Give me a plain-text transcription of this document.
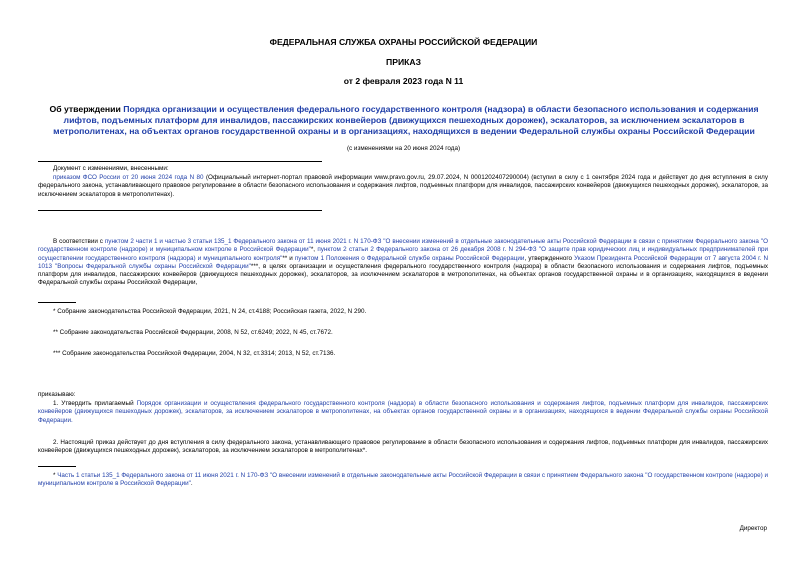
ФЕДЕРАЛЬНАЯ СЛУЖБА ОХРАНЫ РОССИЙСКОЙ ФЕДЕРАЦИИ
ПРИКАЗ
от 2 февраля 2023 года N 11
Об утверждении Порядка организации и осуществления федерального государственного контроля (надзора) в области безопасного использования и содержания лифтов, подъемных платформ для инвалидов, пассажирских конвейеров (движущихся пешеходных дорожек), эскалаторов, за исключением эскалаторов в метрополитенах, на объектах органов государственной охраны и в организациях, находящихся в ведении Федеральной службы охраны Российской Федерации
(с изменениями на 20 июня 2024 года)
Документ с изменениями, внесенными:
приказом ФСО России от 20 июня 2024 года N 80 (Официальный интернет-портал правовой информации www.pravo.gov.ru, 29.07.2024, N 0001202407290004) (вступил в силу с 1 сентября 2024 года и действует до дня вступления в силу федерального закона, устанавливающего правовое регулирование в области безопасного использования и содержания лифтов, подъемных платформ для инвалидов, пассажирских конвейеров (движущихся пешеходных дорожек), эскалаторов, за исключением эскалаторов в метрополитенах).
В соответствии с пунктом 2 части 1 и частью 3 статьи 135_1 Федерального закона от 11 июня 2021 г. N 170-ФЗ "О внесении изменений в отдельные законодательные акты Российской Федерации в связи с принятием Федерального закона "О государственном контроле (надзоре) и муниципальном контроле в Российской Федерации"*, пунктом 2 статьи 2 Федерального закона от 26 декабря 2008 г. N 294-ФЗ "О защите прав юридических лиц и индивидуальных предпринимателей при осуществлении государственного контроля (надзора) и муниципального контроля"** и пунктом 1 Положения о Федеральной службе охраны Российской Федерации, утвержденного Указом Президента Российской Федерации от 7 августа 2004 г. N 1013 "Вопросы Федеральной службы охраны Российской Федерации"***, в целях организации и осуществления федерального государственного контроля (надзора) в области безопасного использования и содержания лифтов, подъемных платформ для инвалидов, пассажирских конвейеров (движущихся пешеходных дорожек), эскалаторов, за исключением эскалаторов в метрополитенах, на объектах органов государственной охраны и в организациях, находящихся в ведении Федеральной службы охраны Российской Федерации,
* Собрание законодательства Российской Федерации, 2021, N 24, ст.4188; Российская газета, 2022, N 290.
** Собрание законодательства Российской Федерации, 2008, N 52, ст.6249; 2022, N 45, ст.7672.
*** Собрание законодательства Российской Федерации, 2004, N 32, ст.3314; 2013, N 52, ст.7136.
приказываю:
1. Утвердить прилагаемый Порядок организации и осуществления федерального государственного контроля (надзора) в области безопасного использования и содержания лифтов, подъемных платформ для инвалидов, пассажирских конвейеров (движущихся пешеходных дорожек), эскалаторов, за исключением эскалаторов в метрополитенах, на объектах органов государственной охраны и в организациях, находящихся в ведении Федеральной службы охраны Российской Федерации.
2. Настоящий приказ действует до дня вступления в силу федерального закона, устанавливающего правовое регулирование в области безопасного использования и содержания лифтов, подъемных платформ для инвалидов, пассажирских конвейеров (движущихся пешеходных дорожек), эскалаторов, за исключением эскалаторов в метрополитенах*.
* Часть 1 статьи 135_1 Федерального закона от 11 июня 2021 г. N 170-ФЗ "О внесении изменений в отдельные законодательные акты Российской Федерации в связи с принятием Федерального закона "О государственном контроле (надзоре) и муниципальном контроле в Российской Федерации".
Директор
